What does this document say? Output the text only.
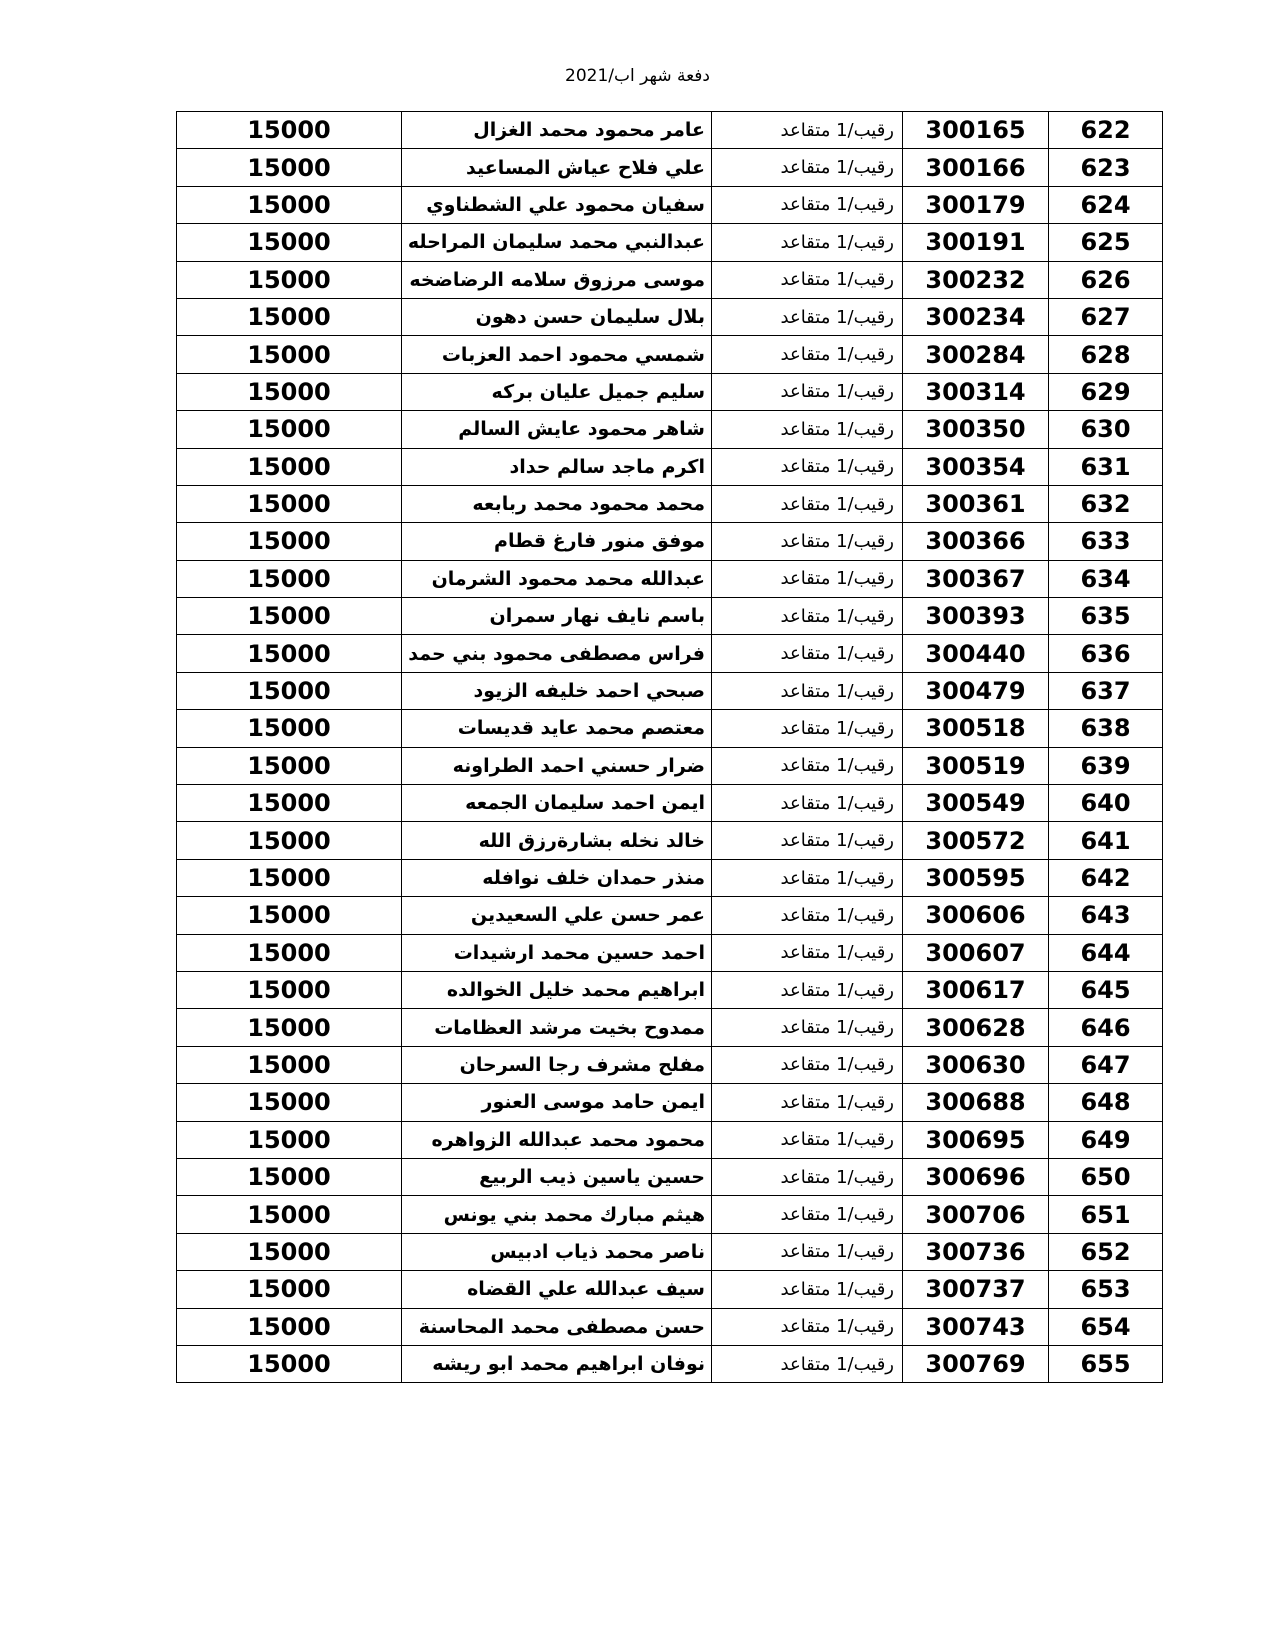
دفعة شهر اب/2021
622	300165	رقيب/1 متقاعد	عامر محمود محمد الغزال	15000
623	300166	رقيب/1 متقاعد	علي فلاح عياش المساعيد	15000
624	300179	رقيب/1 متقاعد	سفيان محمود علي الشطناوي	15000
625	300191	رقيب/1 متقاعد	عبدالنبي محمد سليمان المراحله	15000
626	300232	رقيب/1 متقاعد	موسى مرزوق سلامه الرضاضخه	15000
627	300234	رقيب/1 متقاعد	بلال سليمان حسن دهون	15000
628	300284	رقيب/1 متقاعد	شمسي محمود احمد العزبات	15000
629	300314	رقيب/1 متقاعد	سليم جميل عليان بركه	15000
630	300350	رقيب/1 متقاعد	شاهر محمود عايش السالم	15000
631	300354	رقيب/1 متقاعد	اكرم ماجد سالم حداد	15000
632	300361	رقيب/1 متقاعد	محمد محمود محمد ربابعه	15000
633	300366	رقيب/1 متقاعد	موفق منور فارغ قطام	15000
634	300367	رقيب/1 متقاعد	عبدالله محمد محمود الشرمان	15000
635	300393	رقيب/1 متقاعد	باسم نايف نهار سمران	15000
636	300440	رقيب/1 متقاعد	فراس مصطفى محمود بني حمد	15000
637	300479	رقيب/1 متقاعد	صبحي احمد خليفه الزيود	15000
638	300518	رقيب/1 متقاعد	معتصم محمد عايد قديسات	15000
639	300519	رقيب/1 متقاعد	ضرار حسني احمد الطراونه	15000
640	300549	رقيب/1 متقاعد	ايمن احمد سليمان الجمعه	15000
641	300572	رقيب/1 متقاعد	خالد نخله بشارةرزق الله	15000
642	300595	رقيب/1 متقاعد	منذر حمدان خلف نوافله	15000
643	300606	رقيب/1 متقاعد	عمر حسن علي السعيدين	15000
644	300607	رقيب/1 متقاعد	احمد حسين محمد ارشيدات	15000
645	300617	رقيب/1 متقاعد	ابراهيم محمد خليل الخوالده	15000
646	300628	رقيب/1 متقاعد	ممدوح بخيت مرشد العظامات	15000
647	300630	رقيب/1 متقاعد	مفلح مشرف رجا السرحان	15000
648	300688	رقيب/1 متقاعد	ايمن حامد موسى العنور	15000
649	300695	رقيب/1 متقاعد	محمود محمد عبدالله الزواهره	15000
650	300696	رقيب/1 متقاعد	حسين ياسين ذيب الربيع	15000
651	300706	رقيب/1 متقاعد	هيثم مبارك محمد بني يونس	15000
652	300736	رقيب/1 متقاعد	ناصر محمد ذياب ادبيس	15000
653	300737	رقيب/1 متقاعد	سيف عبدالله علي القضاه	15000
654	300743	رقيب/1 متقاعد	حسن مصطفى محمد المحاسنة	15000
655	300769	رقيب/1 متقاعد	نوفان ابراهيم محمد ابو ريشه	15000
